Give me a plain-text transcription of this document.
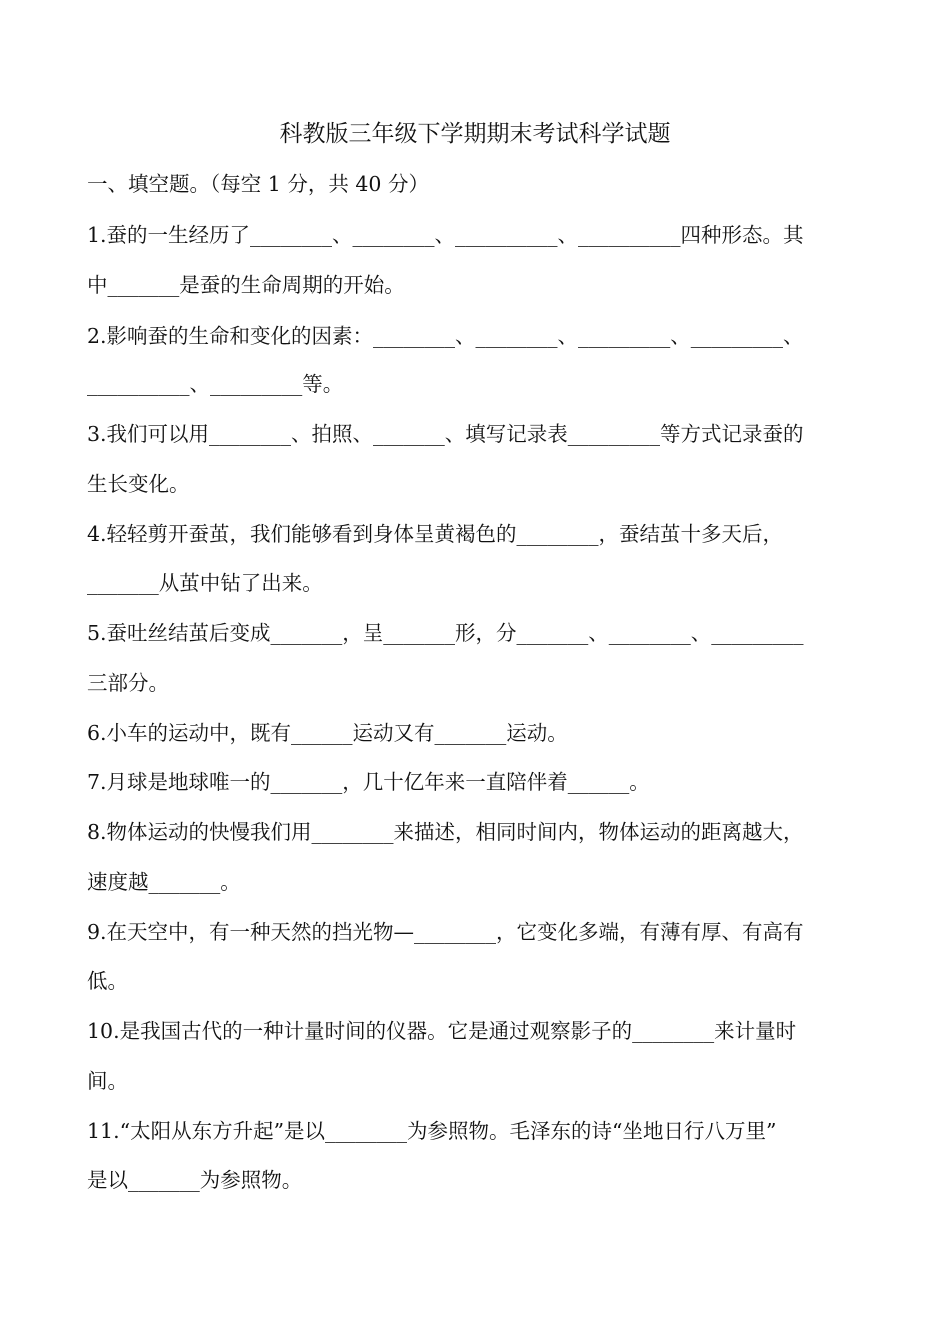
科教版三年级下学期期末考试科学试题
一、填空题。（每空 1 分，共 40 分）
1.蚕的一生经历了________、________、__________、__________四种形态。其
中_______是蚕的生命周期的开始。
2.影响蚕的生命和变化的因素：________、________、_________、_________、
__________、_________等。
3.我们可以用________、拍照、_______、填写记录表_________等方式记录蚕的
生长变化。
4.轻轻剪开蚕茧，我们能够看到身体呈黄褐色的________，蚕结茧十多天后，
_______从茧中钻了出来。
5.蚕吐丝结茧后变成_______，呈_______形，分_______、________、_________
三部分。
6.小车的运动中，既有______运动又有_______运动。
7.月球是地球唯一的_______，几十亿年来一直陪伴着______。
8.物体运动的快慢我们用________来描述，相同时间内，物体运动的距离越大，
速度越_______。
9.在天空中，有一种天然的挡光物—________，它变化多端，有薄有厚、有高有
低。
10.是我国古代的一种计量时间的仪器。它是通过观察影子的________来计量时
间。
11.“太阳从东方升起”是以________为参照物。毛泽东的诗“坐地日行八万里”
是以_______为参照物。
